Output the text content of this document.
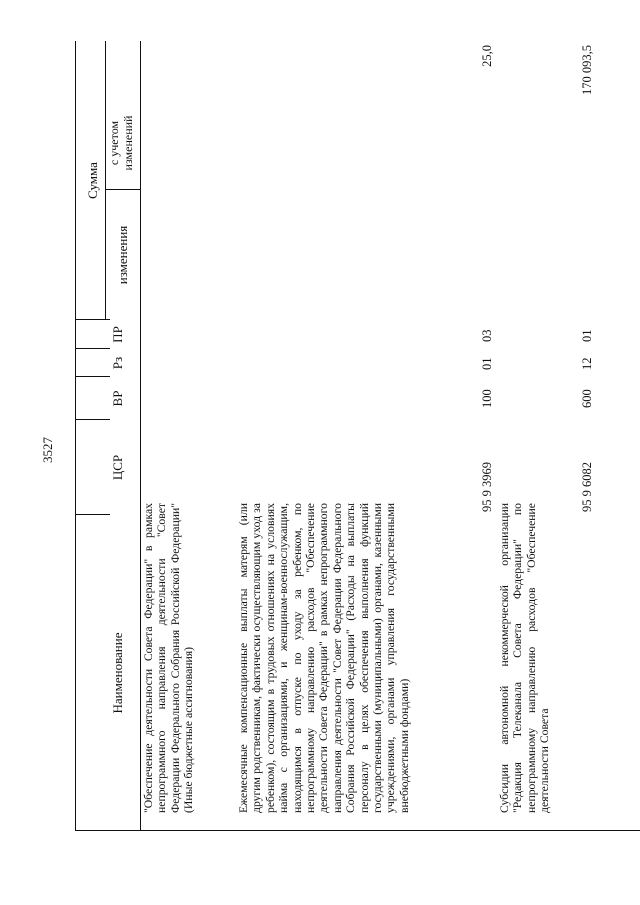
3527
Наименование
ЦСР
ВР
Рз
ПР
Сумма
изменения
с учетом изменений
"Обеспечение деятельности Совета Федерации" в рамках непрограммного направления деятельности "Совет Федерации Федерального Собрания Российской Федерации" (Иные бюджетные ассигнования)	Ежемесячные компенсационные выплаты матерям (или другим родственникам, фактически осуществляющим уход за ребенком), состоящим в трудовых отношениях на условиях найма с организациями, и женщинам-военнослужащим, находящимся в отпуске по уходу за ребенком, по непрограммному направлению расходов "Обеспечение деятельности Совета Федерации" в рамках непрограммного направления деятельности "Совет Федерации Федерального Собрания Российской Федерации" (Расходы на выплаты персоналу в целях обеспечения выполнения функций государственными (муниципальными) органами, казенными учреждениями, органами управления государственными внебюджетными фондами)
95 9 3969
100
01
03
25,0
Субсидии автономной некоммерческой организации "Редакция Телеканала Совета Федерации" по непрограммному направлению расходов "Обеспечение деятельности Совета
95 9 6082
600
12
01
170 093,5
